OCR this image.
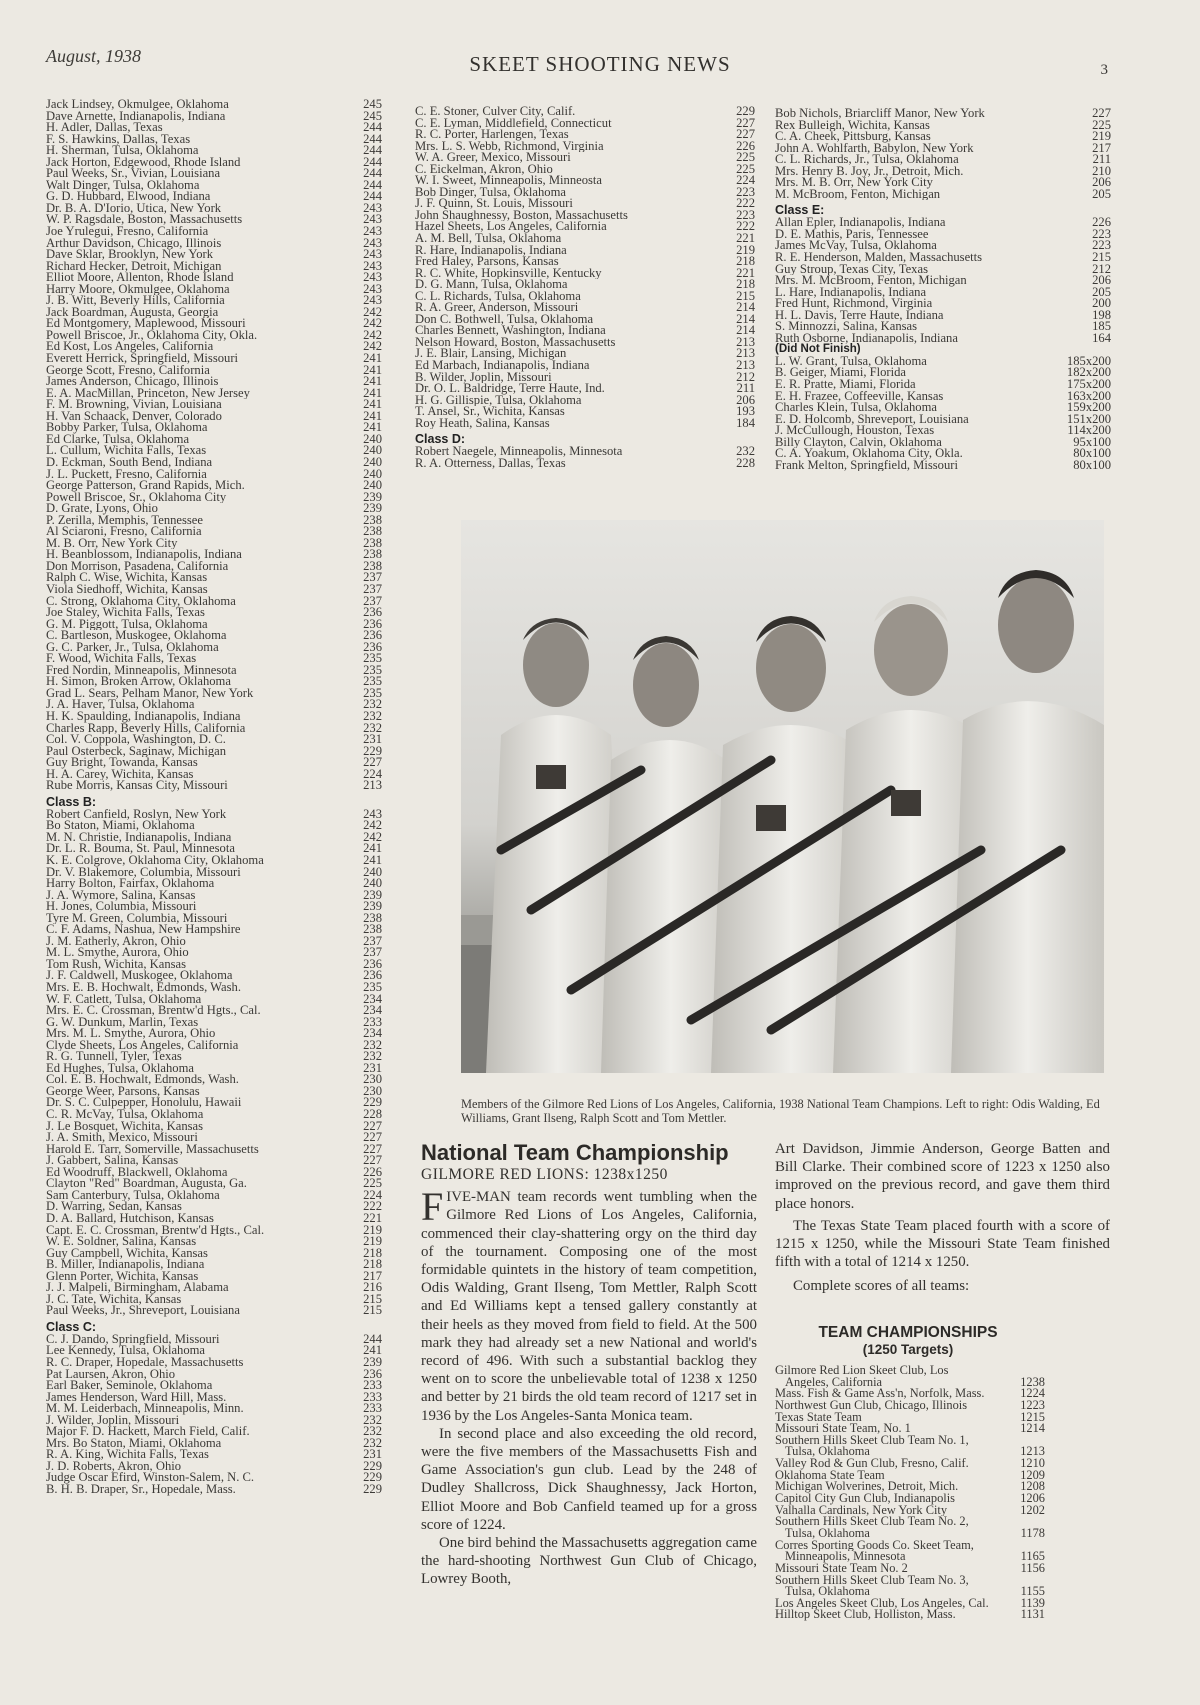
August, 1938	SKEET SHOOTING NEWS	3
Jack Lindsey, Okmulgee, Oklahoma	245
Dave Arnette, Indianapolis, Indiana	245
H. Adler, Dallas, Texas	244
F. S. Hawkins, Dallas, Texas	244
H. Sherman, Tulsa, Oklahoma	244
Jack Horton, Edgewood, Rhode Island	244
Paul Weeks, Sr., Vivian, Louisiana	244
Walt Dinger, Tulsa, Oklahoma	244
G. D. Hubbard, Elwood, Indiana	244
Dr. B. A. D'Iorio, Utica, New York	243
W. P. Ragsdale, Boston, Massachusetts	243
Joe Yrulegui, Fresno, California	243
Arthur Davidson, Chicago, Illinois	243
Dave Sklar, Brooklyn, New York	243
Richard Hecker, Detroit, Michigan	243
Elliot Moore, Allenton, Rhode Island	243
Harry Moore, Okmulgee, Oklahoma	243
J. B. Witt, Beverly Hills, California	243
Jack Boardman, Augusta, Georgia	242
Ed Montgomery, Maplewood, Missouri	242
Powell Briscoe, Jr., Oklahoma City, Okla.	242
Ed Kost, Los Angeles, California	242
Everett Herrick, Springfield, Missouri	241
George Scott, Fresno, California	241
James Anderson, Chicago, Illinois	241
E. A. MacMillan, Princeton, New Jersey	241
F. M. Browning, Vivian, Louisiana	241
H. Van Schaack, Denver, Colorado	241
Bobby Parker, Tulsa, Oklahoma	241
Ed Clarke, Tulsa, Oklahoma	240
L. Cullum, Wichita Falls, Texas	240
D. Eckman, South Bend, Indiana	240
J. L. Puckett, Fresno, California	240
George Patterson, Grand Rapids, Mich.	240
Powell Briscoe, Sr., Oklahoma City	239
D. Grate, Lyons, Ohio	239
P. Zerilla, Memphis, Tennessee	238
Al Sciaroni, Fresno, California	238
M. B. Orr, New York City	238
H. Beanblossom, Indianapolis, Indiana	238
Don Morrison, Pasadena, California	238
Ralph C. Wise, Wichita, Kansas	237
Viola Siedhoff, Wichita, Kansas	237
C. Strong, Oklahoma City, Oklahoma	237
Joe Staley, Wichita Falls, Texas	236
G. M. Piggott, Tulsa, Oklahoma	236
C. Bartleson, Muskogee, Oklahoma	236
G. C. Parker, Jr., Tulsa, Oklahoma	236
F. Wood, Wichita Falls, Texas	235
Fred Nordin, Minneapolis, Minnesota	235
H. Simon, Broken Arrow, Oklahoma	235
Grad L. Sears, Pelham Manor, New York	235
J. A. Haver, Tulsa, Oklahoma	232
H. K. Spaulding, Indianapolis, Indiana	232
Charles Rapp, Beverly Hills, California	232
Col. V. Coppola, Washington, D. C.	231
Paul Osterbeck, Saginaw, Michigan	229
Guy Bright, Towanda, Kansas	227
H. A. Carey, Wichita, Kansas	224
Rube Morris, Kansas City, Missouri	213
Class B:
Robert Canfield, Roslyn, New York	243
Bo Staton, Miami, Oklahoma	242
M. N. Christie, Indianapolis, Indiana	242
Dr. L. R. Bouma, St. Paul, Minnesota	241
K. E. Colgrove, Oklahoma City, Oklahoma	241
Dr. V. Blakemore, Columbia, Missouri	240
Harry Bolton, Fairfax, Oklahoma	240
J. A. Wymore, Salina, Kansas	239
H. Jones, Columbia, Missouri	239
Tyre M. Green, Columbia, Missouri	238
C. F. Adams, Nashua, New Hampshire	238
J. M. Eatherly, Akron, Ohio	237
M. L. Smythe, Aurora, Ohio	237
Tom Rush, Wichita, Kansas	236
J. F. Caldwell, Muskogee, Oklahoma	236
Mrs. E. B. Hochwalt, Edmonds, Wash.	235
W. F. Catlett, Tulsa, Oklahoma	234
Mrs. E. C. Crossman, Brentw'd Hgts., Cal.	234
G. W. Dunkum, Marlin, Texas	233
Mrs. M. L. Smythe, Aurora, Ohio	234
Clyde Sheets, Los Angeles, California	232
R. G. Tunnell, Tyler, Texas	232
Ed Hughes, Tulsa, Oklahoma	231
Col. E. B. Hochwalt, Edmonds, Wash.	230
George Weer, Parsons, Kansas	230
Dr. S. C. Culpepper, Honolulu, Hawaii	229
C. R. McVay, Tulsa, Oklahoma	228
J. Le Bosquet, Wichita, Kansas	227
J. A. Smith, Mexico, Missouri	227
Harold E. Tarr, Somerville, Massachusetts	227
J. Gabbert, Salina, Kansas	227
Ed Woodruff, Blackwell, Oklahoma	226
Clayton "Red" Boardman, Augusta, Ga.	225
Sam Canterbury, Tulsa, Oklahoma	224
D. Warring, Sedan, Kansas	222
D. A. Ballard, Hutchison, Kansas	221
Capt. E. C. Crossman, Brentw'd Hgts., Cal.	219
W. E. Soldner, Salina, Kansas	219
Guy Campbell, Wichita, Kansas	218
B. Miller, Indianapolis, Indiana	218
Glenn Porter, Wichita, Kansas	217
J. J. Malpeli, Birmingham, Alabama	216
J. C. Tate, Wichita, Kansas	215
Paul Weeks, Jr., Shreveport, Louisiana	215
Class C:
C. J. Dando, Springfield, Missouri	244
Lee Kennedy, Tulsa, Oklahoma	241
R. C. Draper, Hopedale, Massachusetts	239
Pat Laursen, Akron, Ohio	236
Earl Baker, Seminole, Oklahoma	233
James Henderson, Ward Hill, Mass.	233
M. M. Leiderbach, Minneapolis, Minn.	233
J. Wilder, Joplin, Missouri	232
Major F. D. Hackett, March Field, Calif.	232
Mrs. Bo Staton, Miami, Oklahoma	232
R. A. King, Wichita Falls, Texas	231
J. D. Roberts, Akron, Ohio	229
Judge Oscar Efird, Winston-Salem, N. C.	229
B. H. B. Draper, Sr., Hopedale, Mass.	229
C. E. Stoner, Culver City, Calif.	229
C. E. Lyman, Middlefield, Connecticut	227
R. C. Porter, Harlengen, Texas	227
Mrs. L. S. Webb, Richmond, Virginia	226
W. A. Greer, Mexico, Missouri	225
C. Eickelman, Akron, Ohio	225
W. I. Sweet, Minneapolis, Minneosta	224
Bob Dinger, Tulsa, Oklahoma	223
J. F. Quinn, St. Louis, Missouri	222
John Shaughnessy, Boston, Massachusetts	223
Hazel Sheets, Los Angeles, California	222
A. M. Bell, Tulsa, Oklahoma	221
R. Hare, Indianapolis, Indiana	219
Fred Haley, Parsons, Kansas	218
R. C. White, Hopkinsville, Kentucky	221
D. G. Mann, Tulsa, Oklahoma	218
C. L. Richards, Tulsa, Oklahoma	215
R. A. Greer, Anderson, Missouri	214
Don C. Bothwell, Tulsa, Oklahoma	214
Charles Bennett, Washington, Indiana	214
Nelson Howard, Boston, Massachusetts	213
J. E. Blair, Lansing, Michigan	213
Ed Marbach, Indianapolis, Indiana	213
B. Wilder, Joplin, Missouri	212
Dr. O. L. Baldridge, Terre Haute, Ind.	211
H. G. Gillispie, Tulsa, Oklahoma	206
T. Ansel, Sr., Wichita, Kansas	193
Roy Heath, Salina, Kansas	184
Class D:
Robert Naegele, Minneapolis, Minnesota	232
R. A. Otterness, Dallas, Texas	228
Bob Nichols, Briarcliff Manor, New York	227
Rex Bulleigh, Wichita, Kansas	225
C. A. Cheek, Pittsburg, Kansas	219
John A. Wohlfarth, Babylon, New York	217
C. L. Richards, Jr., Tulsa, Oklahoma	211
Mrs. Henry B. Joy, Jr., Detroit, Mich.	210
Mrs. M. B. Orr, New York City	206
M. McBroom, Fenton, Michigan	205
Class E:
Allan Epler, Indianapolis, Indiana	226
D. E. Mathis, Paris, Tennessee	223
James McVay, Tulsa, Oklahoma	223
R. E. Henderson, Malden, Massachusetts	215
Guy Stroup, Texas City, Texas	212
Mrs. M. McBroom, Fenton, Michigan	206
L. Hare, Indianapolis, Indiana	205
Fred Hunt, Richmond, Virginia	200
H. L. Davis, Terre Haute, Indiana	198
S. Minnozzi, Salina, Kansas	185
Ruth Osborne, Indianapolis, Indiana	164
(Did Not Finish)
L. W. Grant, Tulsa, Oklahoma	185x200
B. Geiger, Miami, Florida	182x200
E. R. Pratte, Miami, Florida	175x200
E. H. Frazee, Coffeeville, Kansas	163x200
Charles Klein, Tulsa, Oklahoma	159x200
E. D. Holcomb, Shreveport, Louisiana	151x200
J. McCullough, Houston, Texas	114x200
Billy Clayton, Calvin, Oklahoma	95x100
C. A. Yoakum, Oklahoma City, Okla.	80x100
Frank Melton, Springfield, Missouri	80x100
Members of the Gilmore Red Lions of Los Angeles, California, 1938 National Team Champions. Left to right: Odis Walding, Ed Williams, Grant Ilseng, Ralph Scott and Tom Mettler.
National Team Championship
GILMORE RED LIONS: 1238x1250

FIVE-MAN team records went tumbling when the Gilmore Red Lions of Los Angeles, California, commenced their clay-shattering orgy on the third day of the tournament. Composing one of the most formidable quintets in the history of team competition, Odis Walding, Grant Ilseng, Tom Mettler, Ralph Scott and Ed Williams kept a tensed gallery constantly at their heels as they moved from field to field. At the 500 mark they had already set a new National and world's record of 496. With such a substantial backlog they went on to score the unbelievable total of 1238 x 1250 and better by 21 birds the old team record of 1217 set in 1936 by the Los Angeles-Santa Monica team.

In second place and also exceeding the old record, were the five members of the Massachusetts Fish and Game Association's gun club. Lead by the 248 of Dudley Shallcross, Dick Shaughnessy, Jack Horton, Elliot Moore and Bob Canfield teamed up for a gross score of 1224.

One bird behind the Massachusetts aggregation came the hard-shooting Northwest Gun Club of Chicago, Lowrey Booth,

Art Davidson, Jimmie Anderson, George Batten and Bill Clarke. Their combined score of 1223 x 1250 also improved on the previous record, and gave them third place honors.

The Texas State Team placed fourth with a score of 1215 x 1250, while the Missouri State Team finished fifth with a total of 1214 x 1250.

Complete scores of all teams:

TEAM CHAMPIONSHIPS
(1250 Targets)
Gilmore Red Lion Skeet Club, Los
Angeles, California	1238
Mass. Fish & Game Ass'n, Norfolk, Mass.	1224
Northwest Gun Club, Chicago, Illinois	1223
Texas State Team	1215
Missouri State Team, No. 1	1214
Southern Hills Skeet Club Team No. 1,
Tulsa, Oklahoma	1213
Valley Rod & Gun Club, Fresno, Calif.	1210
Oklahoma State Team	1209
Michigan Wolverines, Detroit, Mich.	1208
Capitol City Gun Club, Indianapolis	1206
Valhalla Cardinals, New York City	1202
Southern Hills Skeet Club Team No. 2,
Tulsa, Oklahoma	1178
Corres Sporting Goods Co. Skeet Team,
Minneapolis, Minnesota	1165
Missouri State Team No. 2	1156
Southern Hills Skeet Club Team No. 3,
Tulsa, Oklahoma	1155
Los Angeles Skeet Club, Los Angeles, Cal.	1139
Hilltop Skeet Club, Holliston, Mass.	1131
